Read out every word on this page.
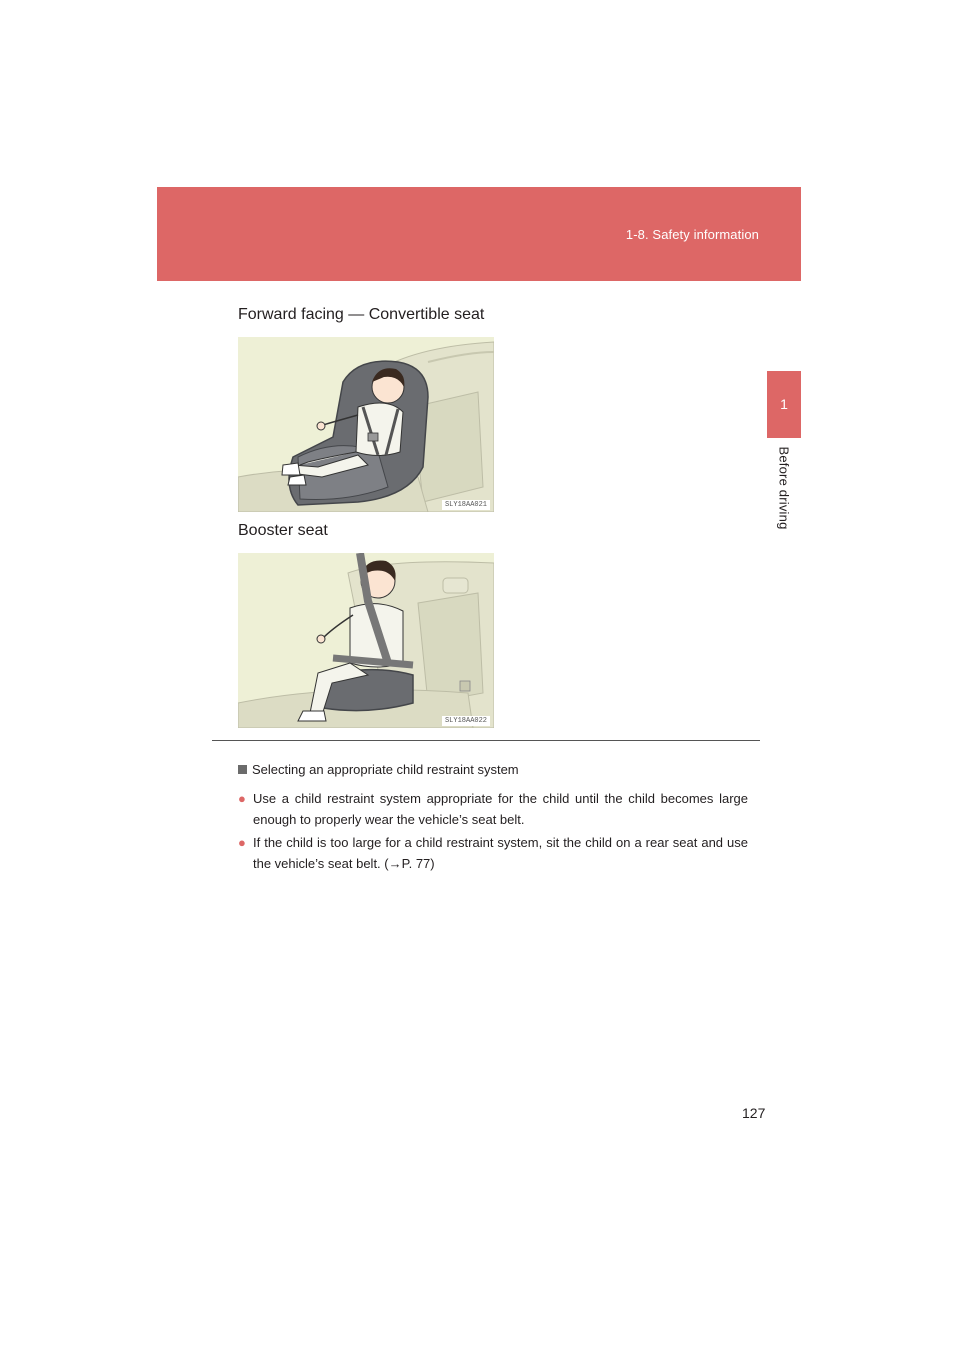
1-8. Safety information
1
Before driving
Forward facing — Convertible seat
SLY18AA021
Booster seat
SLY18AA022
Selecting an appropriate child restraint system
● Use a child restraint system appropriate for the child until the child becomes large enough to properly wear the vehicle’s seat belt.
● If the child is too large for a child restraint system, sit the child on a rear seat and use the vehicle’s seat belt. (→P. 77)
127
